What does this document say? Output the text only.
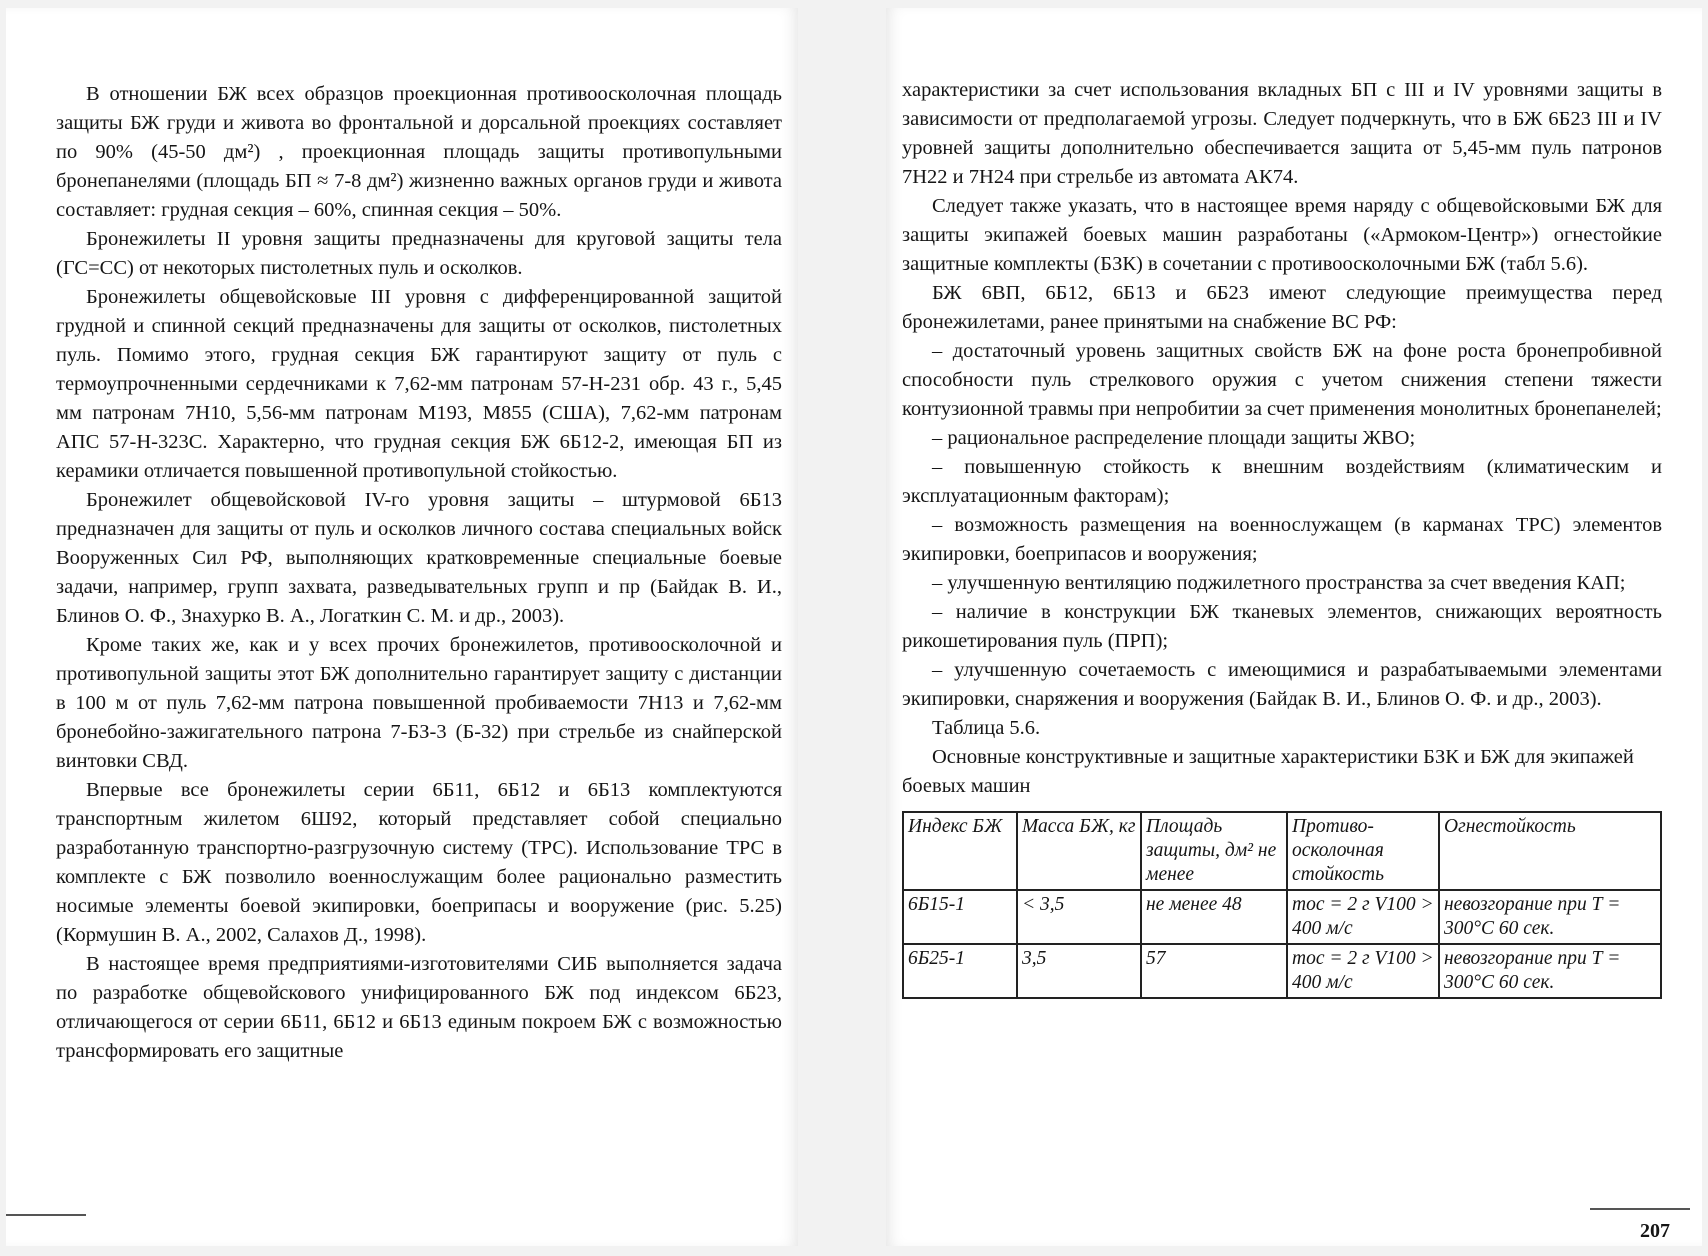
В отношении БЖ всех образцов проекционная противоосколочная площадь защиты БЖ груди и живота во фронтальной и дорсальной проекциях составляет по 90% (45-50 дм²) , проекционная площадь защиты противопульными бронепанелями (площадь БП ≈ 7-8 дм²) жизненно важных органов груди и живота составляет: грудная секция – 60%, спинная секция – 50%.

Бронежилеты II уровня защиты предназначены для круговой защиты тела (ГС=СС) от некоторых пистолетных пуль и осколков.

Бронежилеты общевойсковые III уровня с дифференцированной защитой грудной и спинной секций предназначены для защиты от осколков, пистолетных пуль. Помимо этого, грудная секция БЖ гарантируют защиту от пуль с термоупрочненными сердечниками к 7,62-мм патронам 57-Н-231 обр. 43 г., 5,45 мм патронам 7Н10, 5,56-мм патронам М193, М855 (США), 7,62-мм патронам АПС 57-Н-323С. Характерно, что грудная секция БЖ 6Б12-2, имеющая БП из керамики отличается повышенной противопульной стойкостью.

Бронежилет общевойсковой IV-го уровня защиты – штурмовой 6Б13 предназначен для защиты от пуль и осколков личного состава специальных войск Вооруженных Сил РФ, выполняющих кратковременные специальные боевые задачи, например, групп захвата, разведывательных групп и пр (Байдак В. И., Блинов О. Ф., Знахурко В. А., Логаткин С. М. и др., 2003).

Кроме таких же, как и у всех прочих бронежилетов, противоосколочной и противопульной защиты этот БЖ дополнительно гарантирует защиту с дистанции в 100 м от пуль 7,62-мм патрона повышенной пробиваемости 7Н13 и 7,62-мм бронебойно-зажигательного патрона 7-БЗ-3 (Б-32) при стрельбе из снайперской винтовки СВД.

Впервые все бронежилеты серии 6Б11, 6Б12 и 6Б13 комплектуются транспортным жилетом 6Ш92, который представляет собой специально разработанную транспортно-разгрузочную систему (ТРС). Использование ТРС в комплекте с БЖ позволило военнослужащим более рационально разместить носимые элементы боевой экипировки, боеприпасы и вооружение (рис. 5.25) (Кормушин В. А., 2002, Салахов Д., 1998).

В настоящее время предприятиями-изготовителями СИБ выполняется задача по разработке общевойскового унифицированного БЖ под индексом 6Б23, отличающегося от серии 6Б11, 6Б12 и 6Б13 единым покроем БЖ с возможностью трансформировать его защитные

характеристики за счет использования вкладных БП с III и IV уровнями защиты в зависимости от предполагаемой угрозы. Следует подчеркнуть, что в БЖ 6Б23 III и IV уровней защиты дополнительно обеспечивается защита от 5,45-мм пуль патронов 7Н22 и 7Н24 при стрельбе из автомата АК74.

Следует также указать, что в настоящее время наряду с общевойсковыми БЖ для защиты экипажей боевых машин разработаны («Армоком-Центр») огнестойкие защитные комплекты (БЗК) в сочетании с противоосколочными БЖ (табл 5.6).

БЖ 6ВП, 6Б12, 6Б13 и 6Б23 имеют следующие преимущества перед бронежилетами, ранее принятыми на снабжение ВС РФ:

– достаточный уровень защитных свойств БЖ на фоне роста бронепробивной способности пуль стрелкового оружия с учетом снижения степени тяжести контузионной травмы при непробитии за счет применения монолитных бронепанелей;

– рациональное распределение площади защиты ЖВО;

– повышенную стойкость к внешним воздействиям (климатическим и эксплуатационным факторам);

– возможность размещения на военнослужащем (в карманах ТРС) элементов экипировки, боеприпасов и вооружения;

– улучшенную вентиляцию поджилетного пространства за счет введения КАП;

– наличие в конструкции БЖ тканевых элементов, снижающих вероятность рикошетирования пуль (ПРП);

– улучшенную сочетаемость с имеющимися и разрабатываемыми элементами экипировки, снаряжения и вооружения (Байдак В. И., Блинов О. Ф. и др., 2003).

Таблица 5.6.

Основные конструктивные и защитные характеристики БЗК и БЖ для экипажей боевых машин

Индекс БЖ	Масса БЖ, кг	Площадь защиты, дм² не менее	Противо-осколочная стойкость	Огнестойкость
6Б15-1	< 3,5	не менее 48	mос = 2 г V100 > 400 м/с	невозгорание при Т = 300°С 60 сек.
6Б25-1	3,5	57	mос = 2 г V100 > 400 м/с	невозгорание при Т = 300°С 60 сек.
207
